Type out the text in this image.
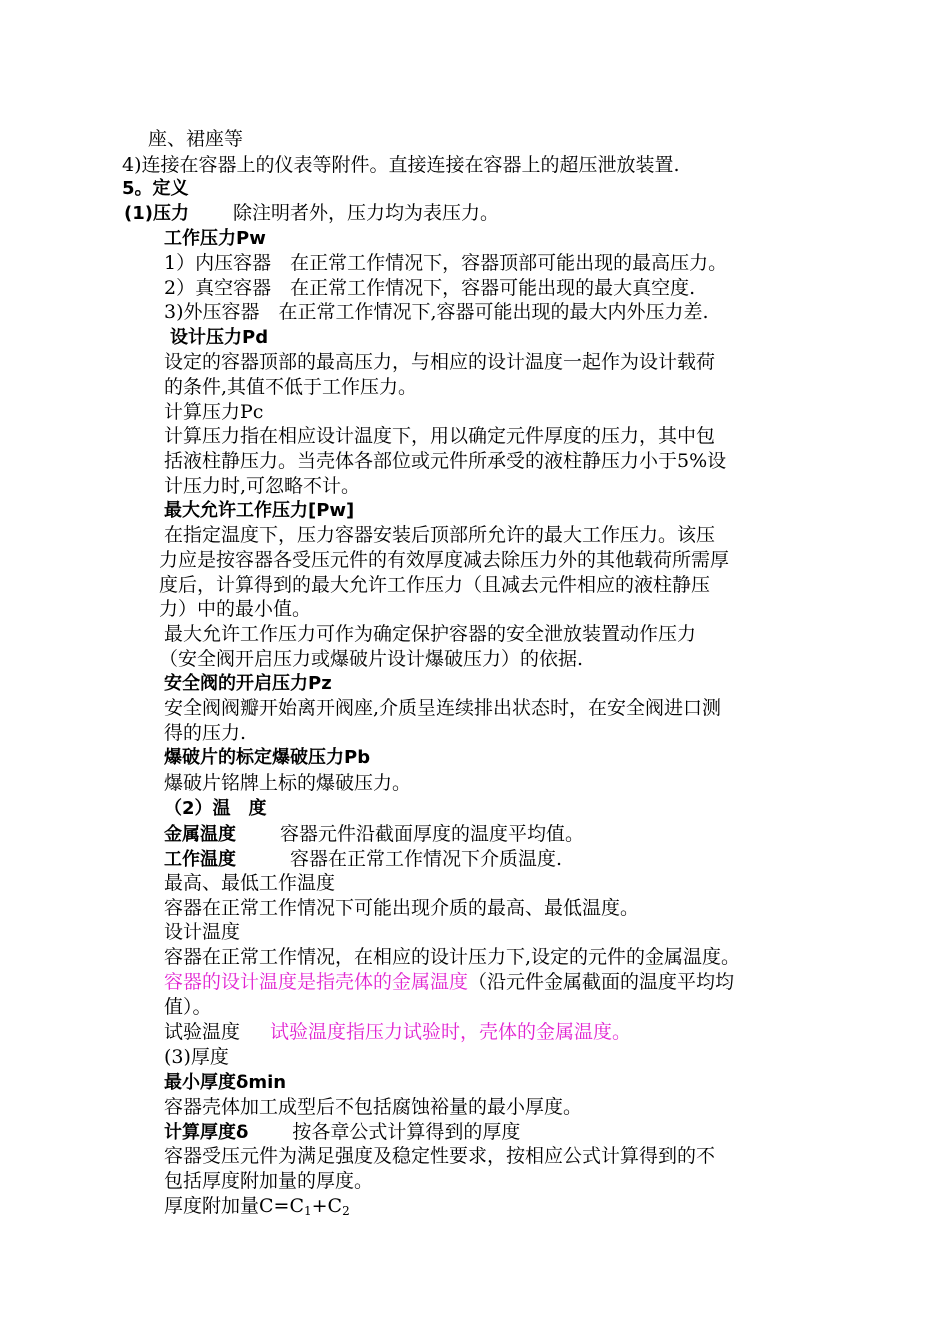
座、裙座等
4)连接在容器上的仪表等附件。直接连接在容器上的超压泄放装置.
5。定义
(1)压力 除注明者外，压力均为表压力。
工作压力Pw
1）内压容器　在正常工作情况下，容器顶部可能出现的最高压力。
2）真空容器　在正常工作情况下，容器可能出现的最大真空度.
3)外压容器　在正常工作情况下,容器可能出现的最大内外压力差.
设计压力Pd
设定的容器顶部的最高压力，与相应的设计温度一起作为设计载荷
的条件,其值不低于工作压力。
计算压力Pc
计算压力指在相应设计温度下，用以确定元件厚度的压力，其中包
括液柱静压力。当壳体各部位或元件所承受的液柱静压力小于5%设
计压力时,可忽略不计。
最大允许工作压力[Pw]
在指定温度下，压力容器安装后顶部所允许的最大工作压力。该压
力应是按容器各受压元件的有效厚度减去除压力外的其他载荷所需厚
度后，计算得到的最大允许工作压力（且减去元件相应的液柱静压
力）中的最小值。
最大允许工作压力可作为确定保护容器的安全泄放装置动作压力
（安全阀开启压力或爆破片设计爆破压力）的依据.
安全阀的开启压力Pz
安全阀阀瓣开始离开阀座,介质呈连续排出状态时，在安全阀进口测
得的压力.
爆破片的标定爆破压力Pb
爆破片铭牌上标的爆破压力。
（2）温　度
金属温度 容器元件沿截面厚度的温度平均值。
工作温度	容器在正常工作情况下介质温度.
最高、最低工作温度
容器在正常工作情况下可能出现介质的最高、最低温度。
设计温度
容器在正常工作情况，在相应的设计压力下,设定的元件的金属温度。
容器的设计温度是指壳体的金属温度（沿元件金属截面的温度平均均
值）。
试验温度 试验温度指压力试验时，壳体的金属温度。
(3)厚度
最小厚度δmin
容器壳体加工成型后不包括腐蚀裕量的最小厚度。
计算厚度δ 按各章公式计算得到的厚度
容器受压元件为满足强度及稳定性要求，按相应公式计算得到的不
包括厚度附加量的厚度。
厚度附加量$C=C_1+C_2$
